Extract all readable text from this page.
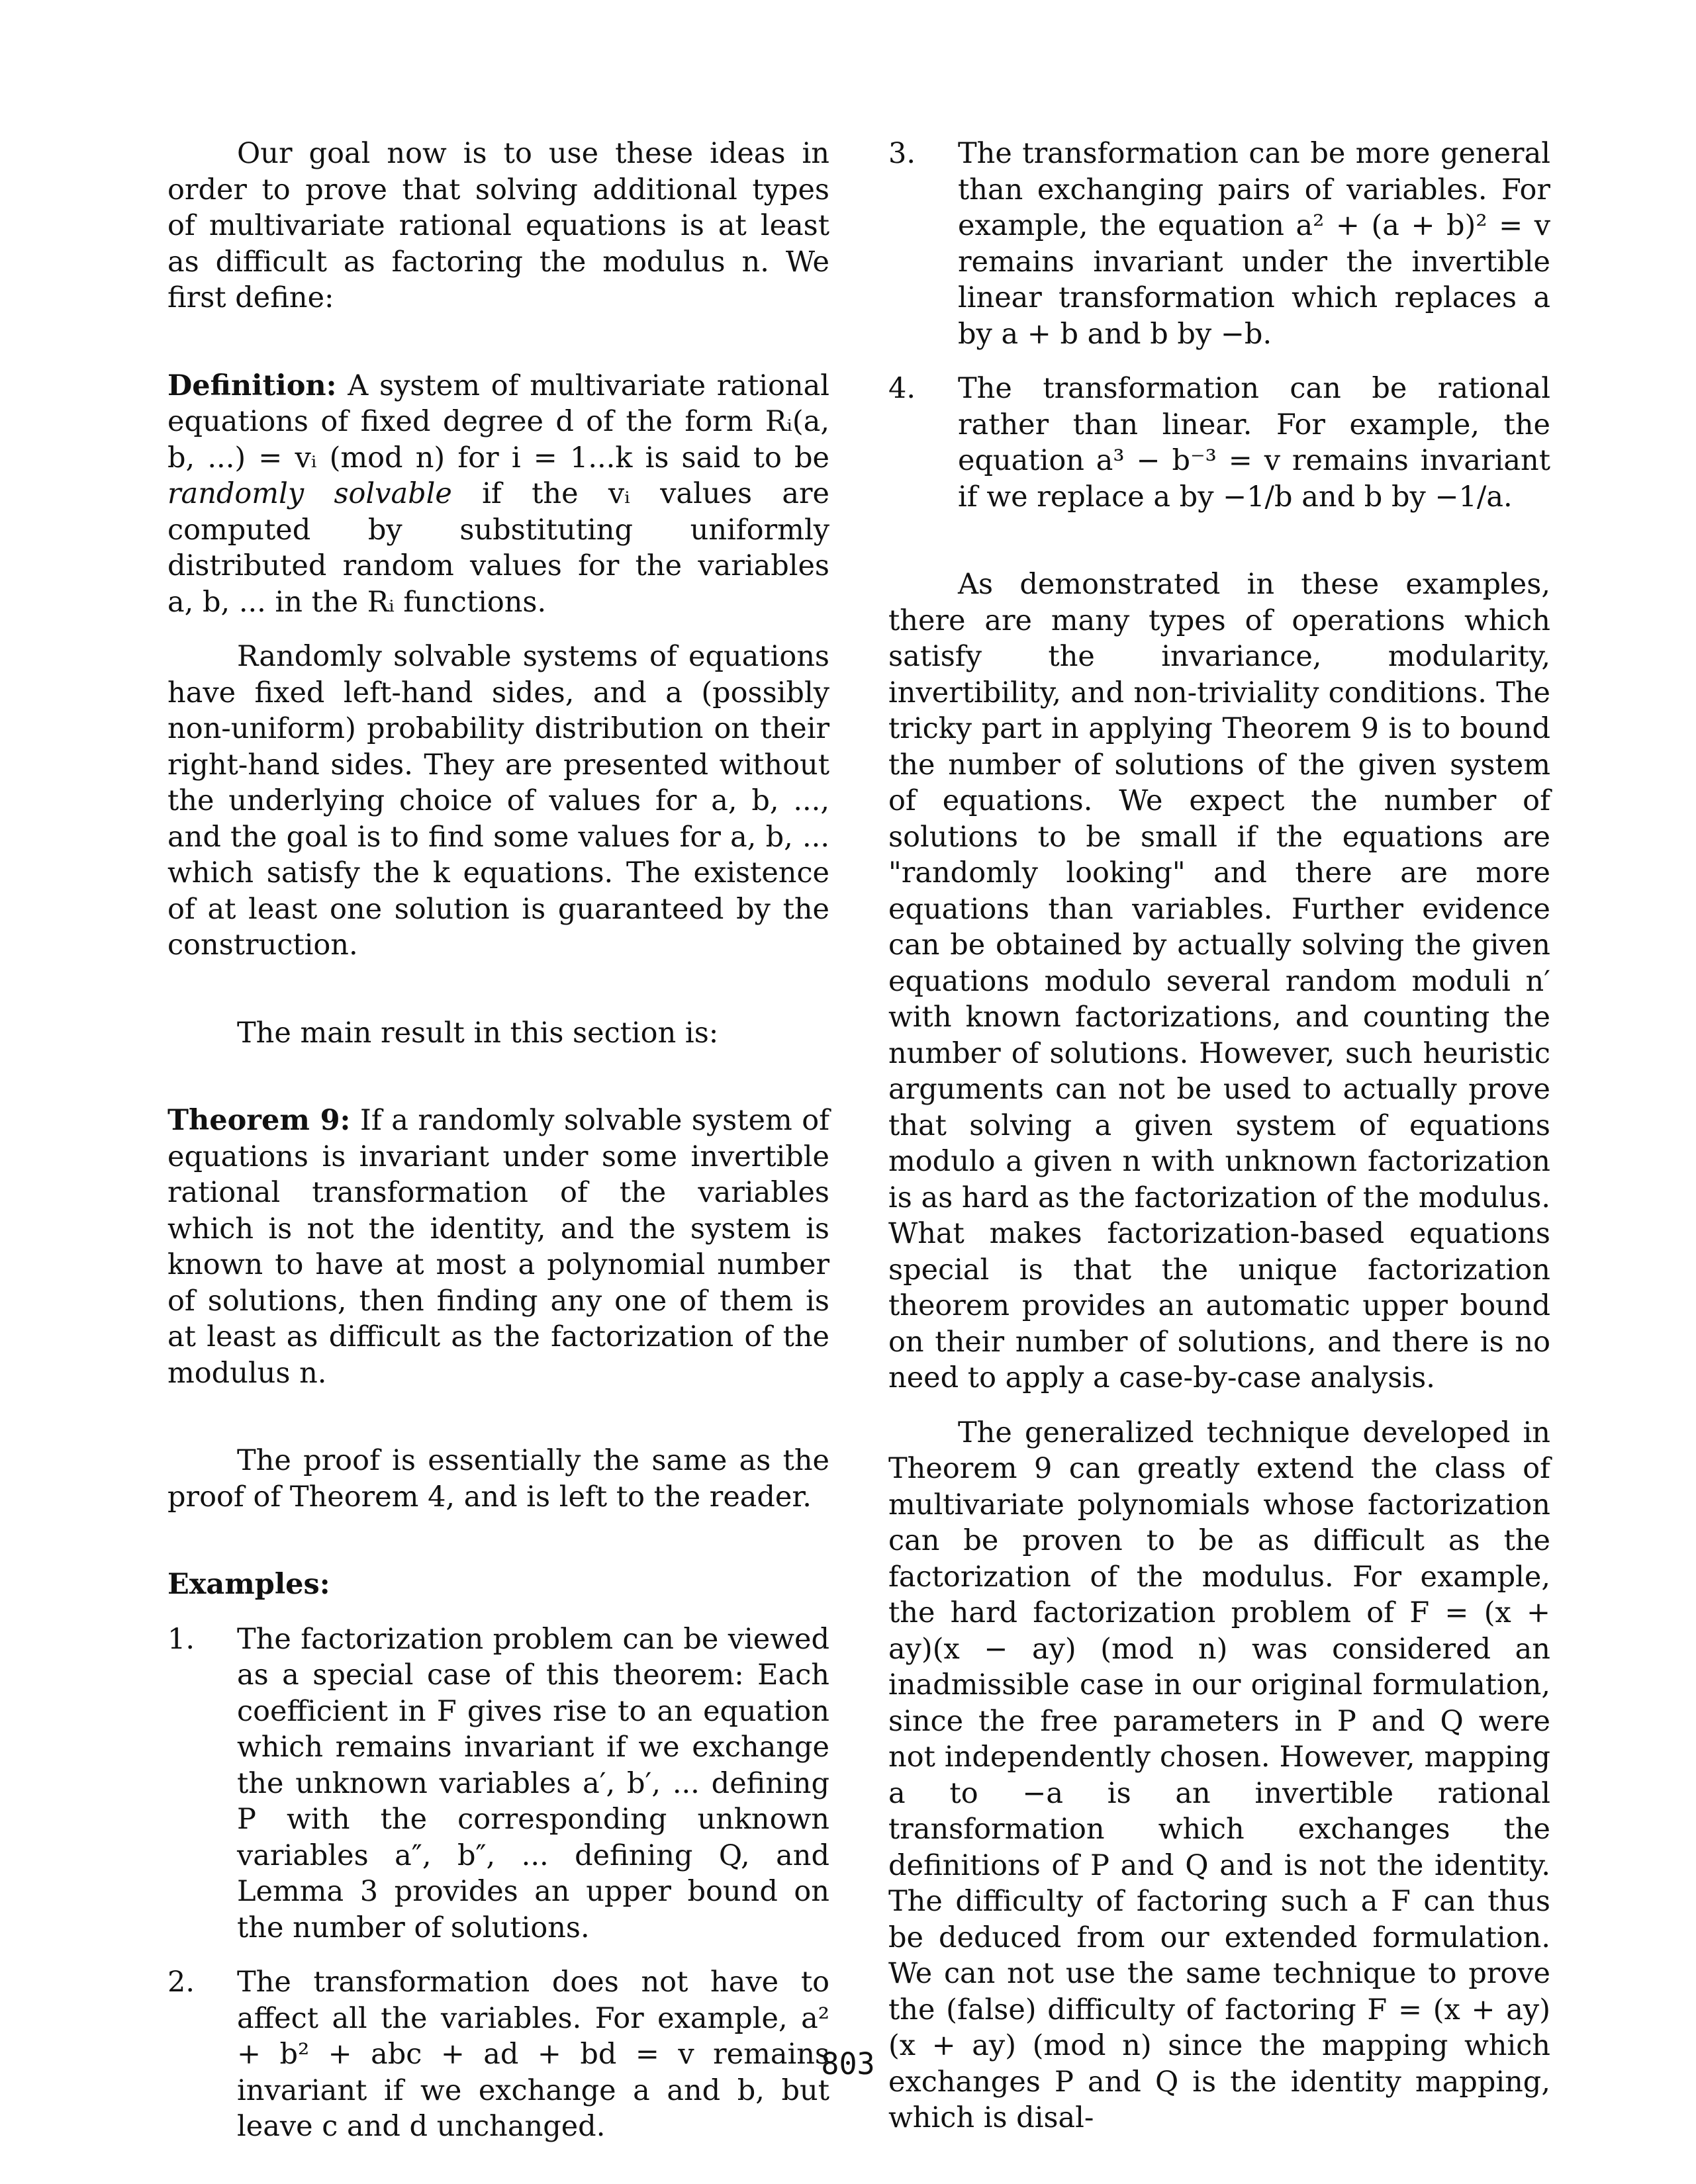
Our goal now is to use these ideas in order to prove that solving additional types of multivariate rational equations is at least as difficult as factoring the modulus n. We first define:

Definition: A system of multivariate rational equations of fixed degree d of the form Rᵢ(a, b, ...) = vᵢ (mod n) for i = 1...k is said to be randomly solvable if the vᵢ values are computed by substituting uniformly distributed random values for the variables a, b, ... in the Rᵢ functions.

Randomly solvable systems of equations have fixed left-hand sides, and a (possibly non-uniform) probability distribution on their right-hand sides. They are presented without the underlying choice of values for a, b, ..., and the goal is to find some values for a, b, ... which satisfy the k equations. The existence of at least one solution is guaranteed by the construction.

The main result in this section is:

Theorem 9: If a randomly solvable system of equations is invariant under some invertible rational transformation of the variables which is not the identity, and the system is known to have at most a polynomial number of solutions, then finding any one of them is at least as difficult as the factorization of the modulus n.

The proof is essentially the same as the proof of Theorem 4, and is left to the reader.

Examples:

1. The factorization problem can be viewed as a special case of this theorem: Each coefficient in F gives rise to an equation which remains invariant if we exchange the unknown variables a′, b′, ... defining P with the corresponding unknown variables a″, b″, ... defining Q, and Lemma 3 provides an upper bound on the number of solutions.
2. The transformation does not have to affect all the variables. For example, a² + b² + abc + ad + bd = v remains invariant if we exchange a and b, but leave c and d unchanged.
3. The transformation can be more general than exchanging pairs of variables. For example, the equation a² + (a + b)² = v remains invariant under the invertible linear transformation which replaces a by a + b and b by −b.
4. The transformation can be rational rather than linear. For example, the equation a³ − b⁻³ = v remains invariant if we replace a by −1/b and b by −1/a.

As demonstrated in these examples, there are many types of operations which satisfy the invariance, modularity, invertibility, and non-triviality conditions. The tricky part in applying Theorem 9 is to bound the number of solutions of the given system of equations. We expect the number of solutions to be small if the equations are "randomly looking" and there are more equations than variables. Further evidence can be obtained by actually solving the given equations modulo several random moduli n′ with known factorizations, and counting the number of solutions. However, such heuristic arguments can not be used to actually prove that solving a given system of equations modulo a given n with unknown factorization is as hard as the factorization of the modulus. What makes factorization-based equations special is that the unique factorization theorem provides an automatic upper bound on their number of solutions, and there is no need to apply a case-by-case analysis.

The generalized technique developed in Theorem 9 can greatly extend the class of multivariate polynomials whose factorization can be proven to be as difficult as the factorization of the modulus. For example, the hard factorization problem of F = (x + ay)(x − ay) (mod n) was considered an inadmissible case in our original formulation, since the free parameters in P and Q were not independently chosen. However, mapping a to −a is an invertible rational transformation which exchanges the definitions of P and Q and is not the identity. The difficulty of factoring such a F can thus be deduced from our extended formulation. We can not use the same technique to prove the (false) difficulty of factoring F = (x + ay)(x + ay) (mod n) since the mapping which exchanges P and Q is the identity mapping, which is disal-

803
